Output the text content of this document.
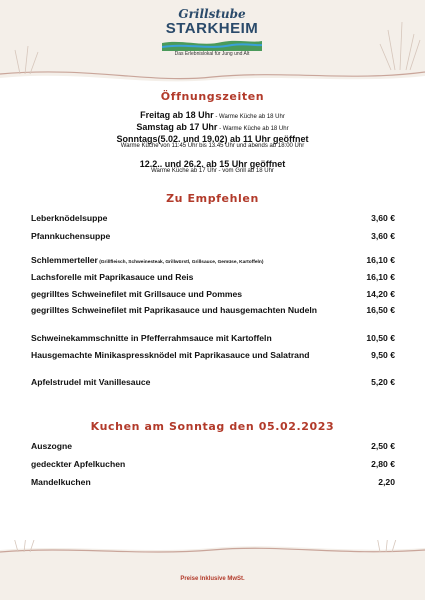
Grillstube
STARKHEIM
Das Erlebnislokal für Jung und Alt
Öffnungszeiten
Freitag ab 18 Uhr - Warme Küche ab 18 Uhr
Samstag ab 17 Uhr - Warme Küche ab 18 Uhr
Sonntags(5.02. und 19.02) ab 11 Uhr geöffnet
Warme Küche von 11:45 Uhr bis 13.45 Uhr und abends ab 18:00 Uhr
12.2.. und 26.2. ab 15 Uhr geöffnet
Warme Küche ab 17 Uhr - vom Grill ab 18 Uhr
Zu Empfehlen
Leberknödelsuppe	3,60 €
Pfannkuchensuppe	3,60 €
Schlemmerteller (Grillfleisch, Schweinesteak, Grillwürstl, Grillsauce, Gemüse, Kartoffeln)	16,10 €
Lachsforelle mit Paprikasauce und Reis	16,10 €
gegrilltes Schweinefilet mit Grillsauce und Pommes	14,20 €
gegrilltes Schweinefilet mit Paprikasauce und hausgemachten Nudeln	16,50 €
Schweinekammschnitte in Pfefferrahmsauce mit Kartoffeln	10,50 €
Hausgemachte Minikaspressknödel mit Paprikasauce und Salatrand	9,50 €
Apfelstrudel mit Vanillesauce	5,20 €
Kuchen am Sonntag den 05.02.2023
Auszogne	2,50 €
gedeckter Apfelkuchen	2,80 €
Mandelkuchen	2,20
Preise Inklusive MwSt.
